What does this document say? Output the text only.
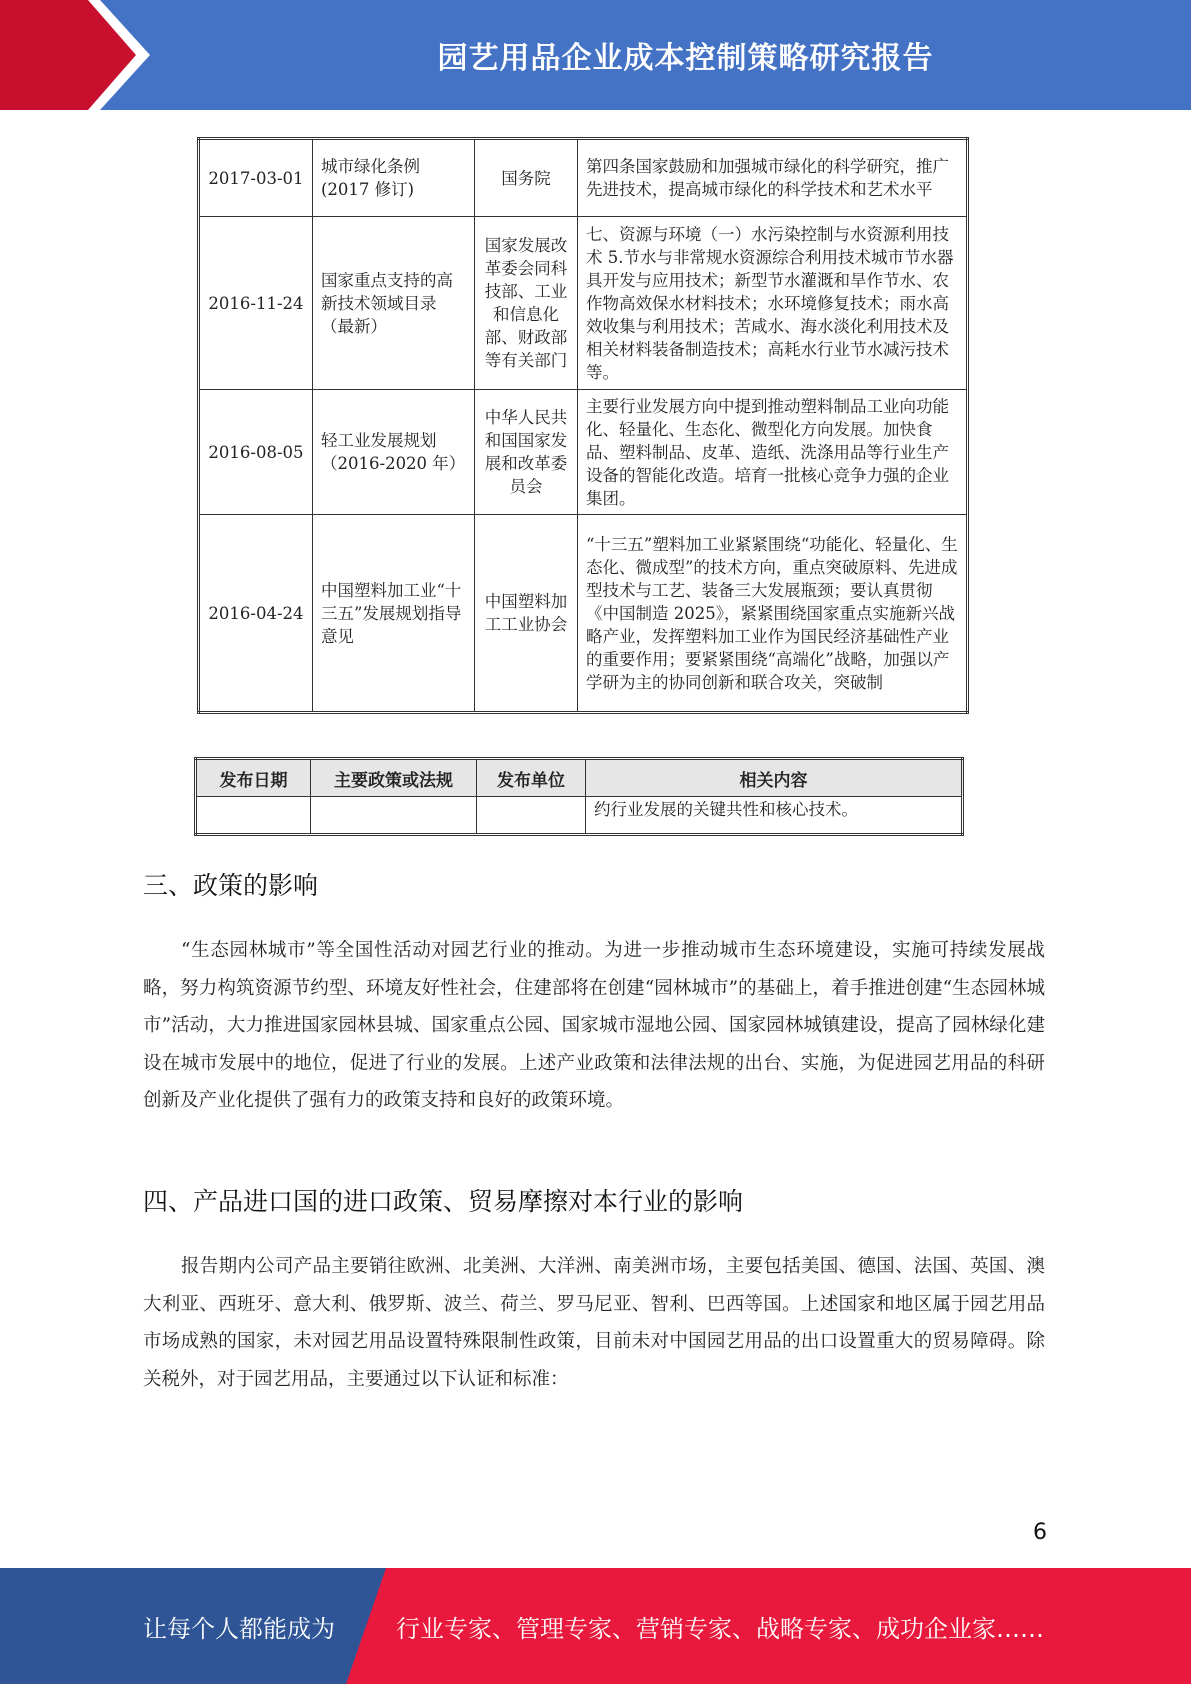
园艺用品企业成本控制策略研究报告
2017-03-01	城市绿化条例(2017 修订)	国务院	第四条国家鼓励和加强城市绿化的科学研究，推广先进技术，提高城市绿化的科学技术和艺术水平
2016-11-24	国家重点支持的高新技术领域目录（最新）	国家发展改革委会同科技部、工业和信息化部、财政部等有关部门	七、资源与环境（一）水污染控制与水资源利用技术 5.节水与非常规水资源综合利用技术城市节水器具开发与应用技术；新型节水灌溉和旱作节水、农作物高效保水材料技术；水环境修复技术；雨水高效收集与利用技术；苦咸水、海水淡化利用技术及相关材料装备制造技术；高耗水行业节水减污技术等。
2016-08-05	轻工业发展规划（2016-2020 年）	中华人民共和国国家发展和改革委员会	主要行业发展方向中提到推动塑料制品工业向功能化、轻量化、生态化、微型化方向发展。加快食品、塑料制品、皮革、造纸、洗涤用品等行业生产设备的智能化改造。培育一批核心竞争力强的企业集团。
2016-04-24	中国塑料加工业“十三五”发展规划指导意见	中国塑料加工工业协会	“十三五”塑料加工业紧紧围绕“功能化、轻量化、生态化、微成型”的技术方向，重点突破原料、先进成型技术与工艺、装备三大发展瓶颈；要认真贯彻《中国制造 2025》，紧紧围绕国家重点实施新兴战略产业，发挥塑料加工业作为国民经济基础性产业的重要作用；要紧紧围绕“高端化”战略，加强以产学研为主的协同创新和联合攻关，突破制
发布日期	主要政策或法规	发布单位	相关内容
			约行业发展的关键共性和核心技术。
三、政策的影响

“生态园林城市”等全国性活动对园艺行业的推动。为进一步推动城市生态环境建设，实施可持续发展战略，努力构筑资源节约型、环境友好性社会，住建部将在创建“园林城市”的基础上，着手推进创建“生态园林城市”活动，大力推进国家园林县城、国家重点公园、国家城市湿地公园、国家园林城镇建设，提高了园林绿化建设在城市发展中的地位，促进了行业的发展。上述产业政策和法律法规的出台、实施，为促进园艺用品的科研创新及产业化提供了强有力的政策支持和良好的政策环境。

四、产品进口国的进口政策、贸易摩擦对本行业的影响

报告期内公司产品主要销往欧洲、北美洲、大洋洲、南美洲市场，主要包括美国、德国、法国、英国、澳大利亚、西班牙、意大利、俄罗斯、波兰、荷兰、罗马尼亚、智利、巴西等国。上述国家和地区属于园艺用品市场成熟的国家，未对园艺用品设置特殊限制性政策，目前未对中国园艺用品的出口设置重大的贸易障碍。除关税外，对于园艺用品，主要通过以下认证和标准：

6
让每个人都能成为	行业专家、管理专家、营销专家、战略专家、成功企业家……
